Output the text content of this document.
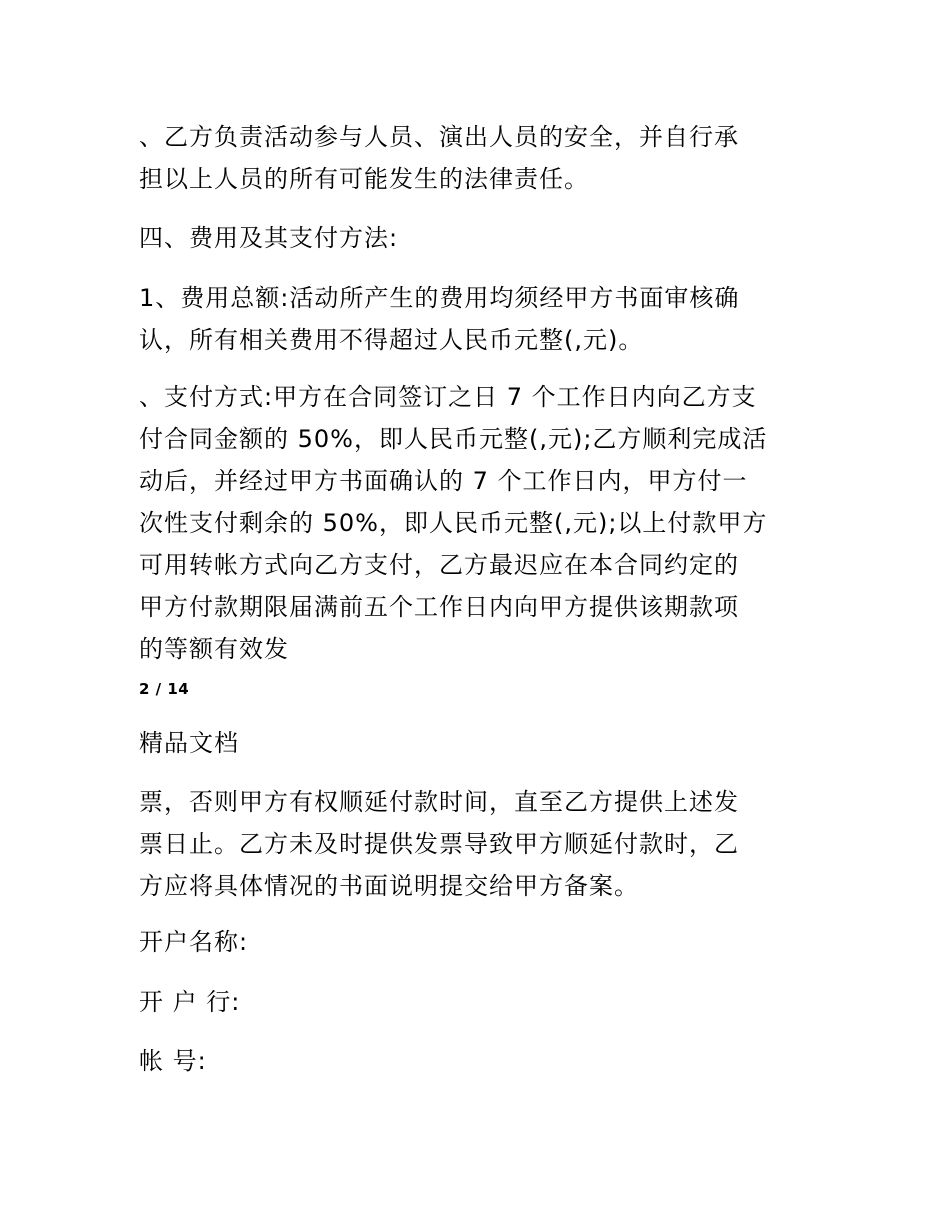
、乙方负责活动参与人员、演出人员的安全，并自行承
担以上人员的所有可能发生的法律责任。
四、费用及其支付方法:
1、费用总额:活动所产生的费用均须经甲方书面审核确
认，所有相关费用不得超过人民币元整(,元)。
、支付方式:甲方在合同签订之日 7 个工作日内向乙方支
付合同金额的 50%，即人民币元整(,元);乙方顺利完成活
动后，并经过甲方书面确认的 7 个工作日内，甲方付一
次性支付剩余的 50%，即人民币元整(,元);以上付款甲方
可用转帐方式向乙方支付，乙方最迟应在本合同约定的
甲方付款期限届满前五个工作日内向甲方提供该期款项
的等额有效发
2 / 14
精品文档
票，否则甲方有权顺延付款时间，直至乙方提供上述发
票日止。乙方未及时提供发票导致甲方顺延付款时，乙
方应将具体情况的书面说明提交给甲方备案。
开户名称:
开 户 行:
帐 号:
